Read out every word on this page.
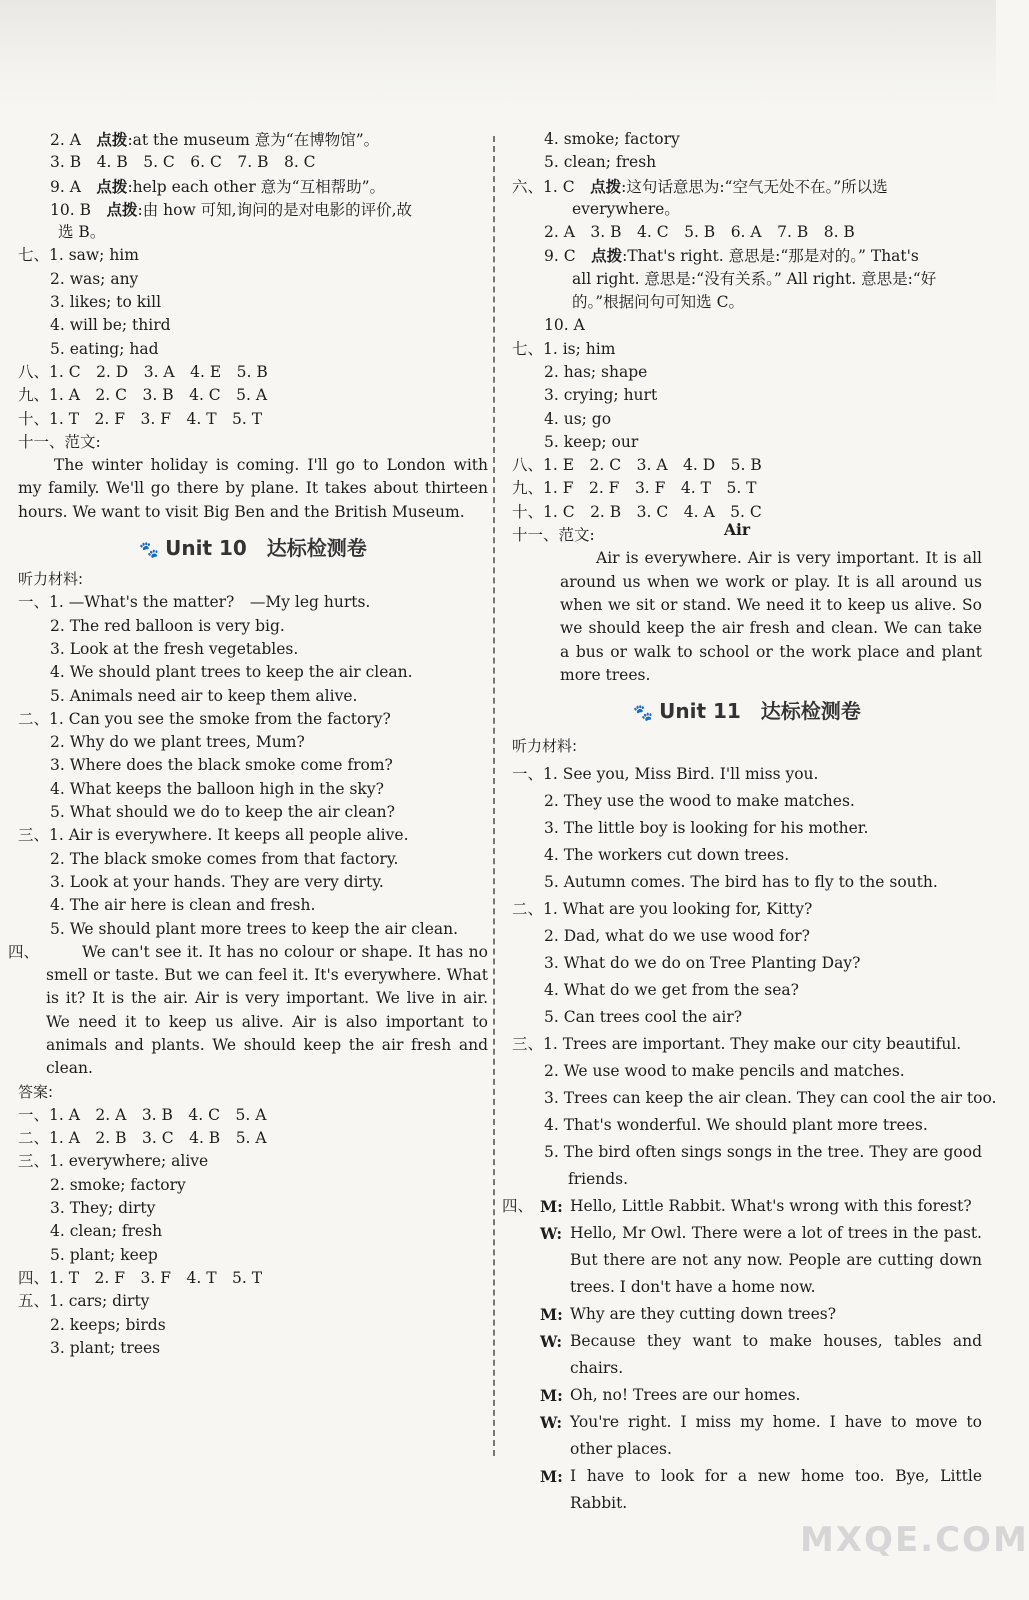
2. A　点拨:at the museum 意为“在博物馆”。
3. B　4. B　5. C　6. C　7. B　8. C
9. A　点拨:help each other 意为“互相帮助”。
10. B　点拨:由 how 可知,询问的是对电影的评价,故
选 B。
七、1. saw; him
2. was; any
3. likes; to kill
4. will be; third
5. eating; had
八、1. C　2. D　3. A　4. E　5. B
九、1. A　2. C　3. B　4. C　5. A
十、1. T　2. F　3. F　4. T　5. T
十一、范文:
The winter holiday is coming. I'll go to London with my family. We'll go there by plane. It takes about thirteen hours. We want to visit Big Ben and the British Museum.
🐾 Unit 10　达标检测卷
听力材料:
一、1. —What's the matter?　—My leg hurts.
2. The red balloon is very big.
3. Look at the fresh vegetables.
4. We should plant trees to keep the air clean.
5. Animals need air to keep them alive.
二、1. Can you see the smoke from the factory?
2. Why do we plant trees, Mum?
3. Where does the black smoke come from?
4. What keeps the balloon high in the sky?
5. What should we do to keep the air clean?
三、1. Air is everywhere. It keeps all people alive.
2. The black smoke comes from that factory.
3. Look at your hands. They are very dirty.
4. The air here is clean and fresh.
5. We should plant more trees to keep the air clean.
四、	We can't see it. It has no colour or shape. It has no smell or taste. But we can feel it. It's everywhere. What is it? It is the air. Air is very important. We live in air. We need it to keep us alive. Air is also important to animals and plants. We should keep the air fresh and clean.
答案:
一、1. A　2. A　3. B　4. C　5. A
二、1. A　2. B　3. C　4. B　5. A
三、1. everywhere; alive
2. smoke; factory
3. They; dirty
4. clean; fresh
5. plant; keep
四、1. T　2. F　3. F　4. T　5. T
五、1. cars; dirty
2. keeps; birds
3. plant; trees
4. smoke; factory
5. clean; fresh
六、1. C　点拨:这句话意思为:“空气无处不在。”所以选
everywhere。
2. A　3. B　4. C　5. B　6. A　7. B　8. B
9. C　点拨:That's right. 意思是:“那是对的。” That's
all right. 意思是:“没有关系。” All right. 意思是:“好
的。”根据问句可知选 C。
10. A
七、1. is; him
2. has; shape
3. crying; hurt
4. us; go
5. keep; our
八、1. E　2. C　3. A　4. D　5. B
九、1. F　2. F　3. F　4. T　5. T
十、1. C　2. B　3. C　4. A　5. C
十一、范文:	Air
Air is everywhere. Air is very important. It is all around us when we work or play. It is all around us when we sit or stand. We need it to keep us alive. So we should keep the air fresh and clean. We can take a bus or walk to school or the work place and plant more trees.
🐾 Unit 11　达标检测卷
听力材料:
一、1. See you, Miss Bird. I'll miss you.
2. They use the wood to make matches.
3. The little boy is looking for his mother.
4. The workers cut down trees.
5. Autumn comes. The bird has to fly to the south.
二、1. What are you looking for, Kitty?
2. Dad, what do we use wood for?
3. What do we do on Tree Planting Day?
4. What do we get from the sea?
5. Can trees cool the air?
三、1. Trees are important. They make our city beautiful.
2. We use wood to make pencils and matches.
3. Trees can keep the air clean. They can cool the air too.
4. That's wonderful. We should plant more trees.
5. The bird often sings songs in the tree. They are good friends.
四、 M: Hello, Little Rabbit. What's wrong with this forest?
W: Hello, Mr Owl. There were a lot of trees in the past. But there are not any now. People are cutting down trees. I don't have a home now.
M: Why are they cutting down trees?
W: Because they want to make houses, tables and chairs.
M: Oh, no! Trees are our homes.
W: You're right. I miss my home. I have to move to other places.
M: I have to look for a new home too. Bye, Little Rabbit.
MXQE.COM
